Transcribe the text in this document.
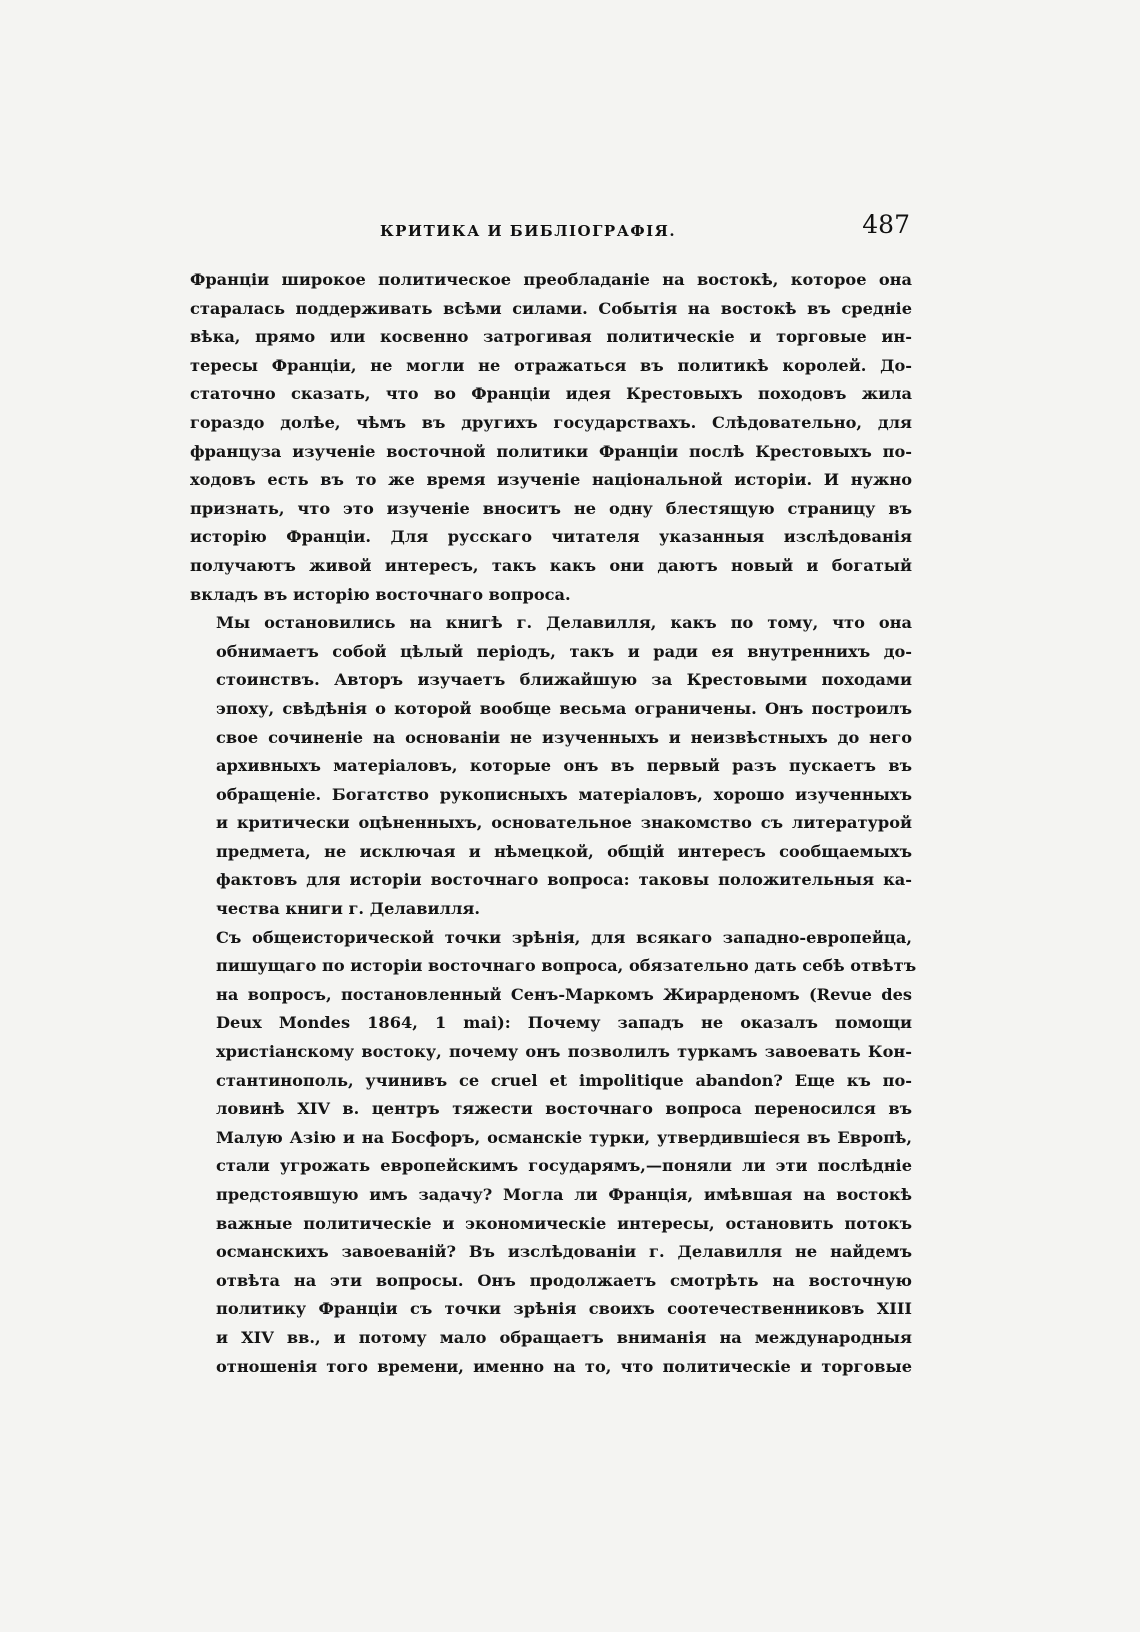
КРИТИКА И БИБЛІОГРАФІЯ.	487
Франціи широкое политическое преобладаніе на востокѣ, которое она
старалась поддерживать всѣми силами. Событія на востокѣ въ средніе
вѣка, прямо или косвенно затрогивая политическіе и торговые ин-
тересы Франціи, не могли не отражаться въ политикѣ королей. До-
статочно сказать, что во Франціи идея Крестовыхъ походовъ жила
гораздо долѣе, чѣмъ въ другихъ государствахъ. Слѣдовательно, для
француза изученіе восточной политики Франціи послѣ Крестовыхъ по-
ходовъ есть въ то же время изученіе національной исторіи. И нужно
признать, что это изученіе вноситъ не одну блестящую страницу въ
исторію Франціи. Для русскаго читателя указанныя изслѣдованія
получаютъ живой интересъ, такъ какъ они даютъ новый и богатый
вкладъ въ исторію восточнаго вопроса.
Мы остановились на книгѣ г. Делавилля, какъ по тому, что она
обнимаетъ собой цѣлый періодъ, такъ и ради ея внутреннихъ до-
стоинствъ. Авторъ изучаетъ ближайшую за Крестовыми походами
эпоху, свѣдѣнія о которой вообще весьма ограничены. Онъ построилъ
свое сочиненіе на основаніи не изученныхъ и неизвѣстныхъ до него
архивныхъ матеріаловъ, которые онъ въ первый разъ пускаетъ въ
обращеніе. Богатство рукописныхъ матеріаловъ, хорошо изученныхъ
и критически оцѣненныхъ, основательное знакомство съ литературой
предмета, не исключая и нѣмецкой, общій интересъ сообщаемыхъ
фактовъ для исторіи восточнаго вопроса: таковы положительныя ка-
чества книги г. Делавилля.
Съ общеисторической точки зрѣнія, для всякаго западно-европейца,
пишущаго по исторіи восточнаго вопроса, обязательно дать себѣ отвѣтъ
на вопросъ, постановленный Сенъ-Маркомъ Жирарденомъ (Revue des
Deux Mondes 1864, 1 mai): Почему западъ не оказалъ помощи
христіанскому востоку, почему онъ позволилъ туркамъ завоевать Кон-
стантинополь, учинивъ ce cruel et impolitique abandon? Еще къ по-
ловинѣ XIV в. центръ тяжести восточнаго вопроса переносился въ
Малую Азію и на Босфоръ, османскіе турки, утвердившіеся въ Европѣ,
стали угрожать европейскимъ государямъ,—поняли ли эти послѣдніе
предстоявшую имъ задачу? Могла ли Франція, имѣвшая на востокѣ
важные политическіе и экономическіе интересы, остановить потокъ
османскихъ завоеваній? Въ изслѣдованіи г. Делавилля не найдемъ
отвѣта на эти вопросы. Онъ продолжаетъ смотрѣть на восточную
политику Франціи съ точки зрѣнія своихъ соотечественниковъ XIII
и XIV вв., и потому мало обращаетъ вниманія на международныя
отношенія того времени, именно на то, что политическіе и торговые
